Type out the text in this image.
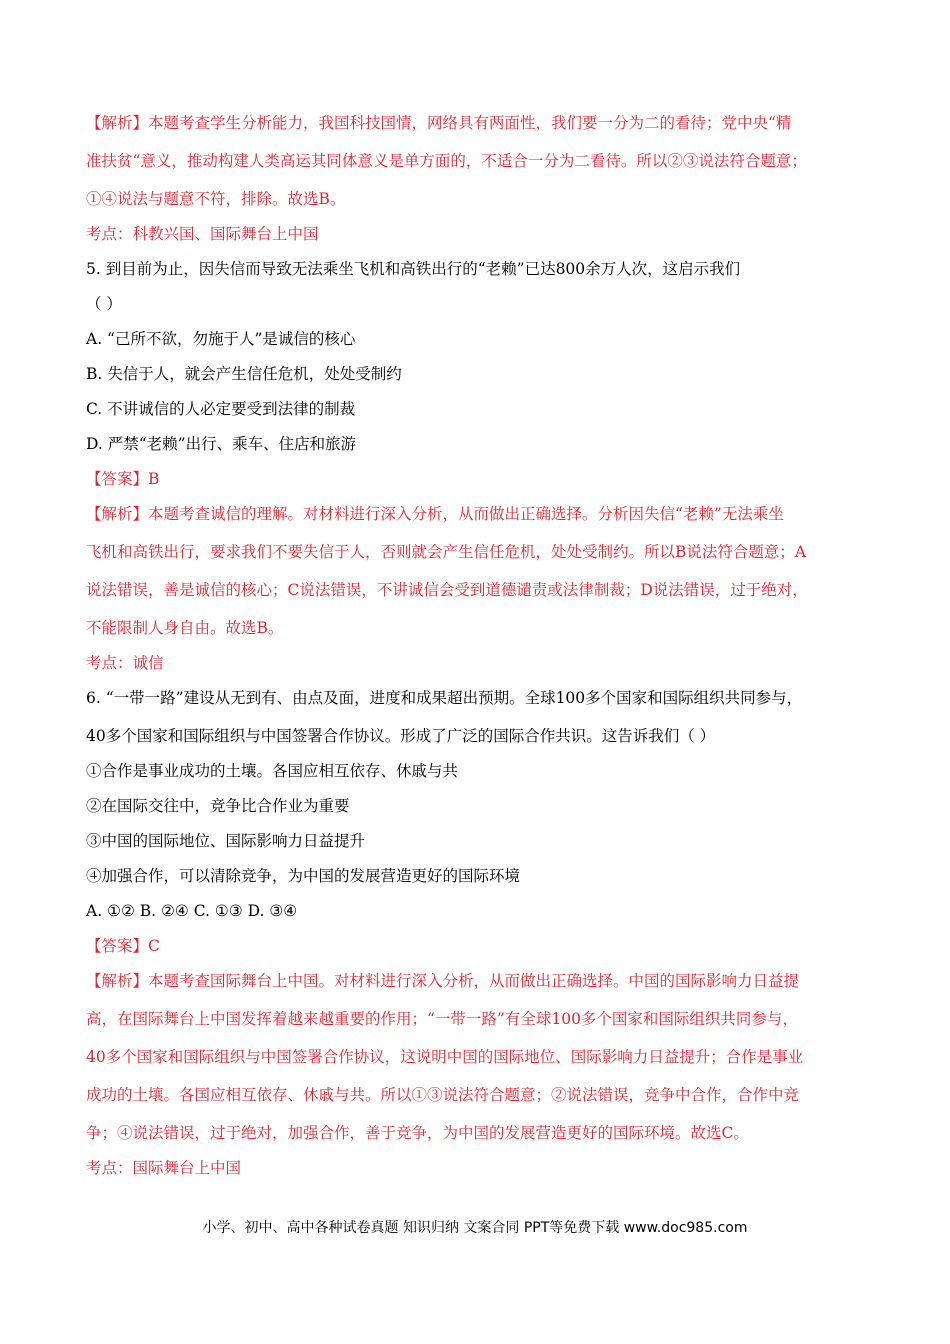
【解析】本题考查学生分析能力，我国科技国情，网络具有两面性，我们要一分为二的看待；党中央“精
准扶贫“意义，推动构建人类高运其同体意义是单方面的，不适合一分为二看待。所以②③说法符合题意；
①④说法与题意不符，排除。故选B。
考点：科教兴国、国际舞台上中国
5. 到目前为止，因失信而导致无法乘坐飞机和高铁出行的“老赖”已达800余万人次，这启示我们
（ ）
A. “己所不欲，勿施于人”是诚信的核心
B. 失信于人，就会产生信任危机，处处受制约
C. 不讲诚信的人必定要受到法律的制裁
D. 严禁“老赖”出行、乘车、住店和旅游
【答案】B
【解析】本题考查诚信的理解。对材料进行深入分析，从而做出正确选择。分析因失信“老赖”无法乘坐
飞机和高铁出行，要求我们不要失信于人，否则就会产生信任危机，处处受制约。所以B说法符合题意；A
说法错误，善是诚信的核心；C说法错误，不讲诚信会受到道德谴责或法律制裁；D说法错误，过于绝对，
不能限制人身自由。故选B。
考点：诚信
6. “一带一路”建设从无到有、由点及面，进度和成果超出预期。全球100多个国家和国际组织共同参与，
40多个国家和国际组织与中国签署合作协议。形成了广泛的国际合作共识。这告诉我们（ ）
①合作是事业成功的土壤。各国应相互依存、休戚与共
②在国际交往中，竞争比合作业为重要
③中国的国际地位、国际影响力日益提升
④加强合作，可以清除竞争，为中国的发展营造更好的国际环境
A. ①② B. ②④ C. ①③ D. ③④
【答案】C
【解析】本题考查国际舞台上中国。对材料进行深入分析，从而做出正确选择。中国的国际影响力日益提
高，在国际舞台上中国发挥着越来越重要的作用；“一带一路”有全球100多个国家和国际组织共同参与，
40多个国家和国际组织与中国签署合作协议，这说明中国的国际地位、国际影响力日益提升；合作是事业
成功的土壤。各国应相互依存、休戚与共。所以①③说法符合题意；②说法错误，竞争中合作，合作中竞
争；④说法错误，过于绝对，加强合作，善于竞争，为中国的发展营造更好的国际环境。故选C。
考点：国际舞台上中国
小学、初中、高中各种试卷真题 知识归纳 文案合同 PPT等免费下载 www.doc985.com
